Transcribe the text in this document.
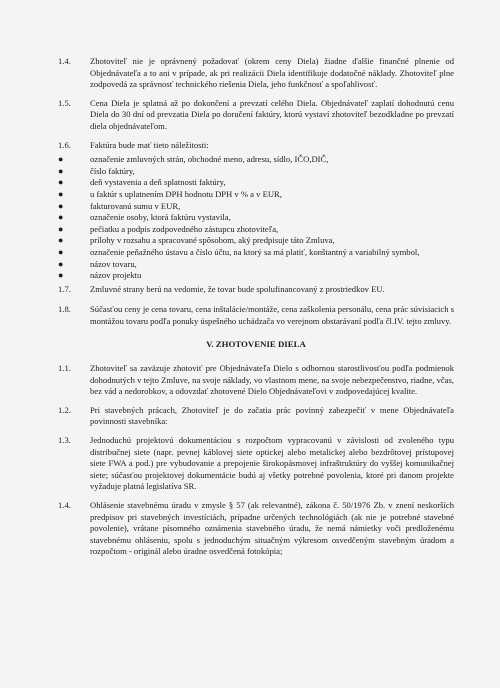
1.4.	Zhotoviteľ nie je oprávnený požadovať (okrem ceny Diela) žiadne ďalšie finančné plnenie od Objednávateľa a to ani v prípade, ak pri realizácii Diela identifikuje dodatočné náklady. Zhotoviteľ plne zodpovedá za správnosť technického riešenia Diela, jeho funkčnosť a spoľahlivosť.
1.5.	Cena Diela je splatná až po dokončení a prevzatí celého Diela. Objednávateľ zaplatí dohodnutú cenu Diela do 30 dní od prevzatia Diela po doručení faktúry, ktorú vystaví zhotoviteľ bezodkladne po prevzatí diela objednávateľom.
1.6.	Faktúra bude mať tieto náležitosti:
●	označenie zmluvných strán, obchodné meno, adresu, sídlo, IČO,DIČ,
●	číslo faktúry,
●	deň vystavenia a deň splatnosti faktúry,
●	u faktúr s uplatnením DPH hodnotu DPH v % a v EUR,
●	fakturovanú sumu v EUR,
●	označenie osoby, ktorá faktúru vystavila,
●	pečiatku a podpis zodpovedného zástupcu zhotoviteľa,
●	prílohy v rozsahu a spracované spôsobom, aký predpisuje táto Zmluva,
●	označenie peňažného ústavu a číslo účtu, na ktorý sa má platiť, konštantný a variabilný symbol,
●	názov tovaru,
●	názov projektu
1.7.	Zmluvné strany berú na vedomie, že tovar bude spolufinancovaný z prostriedkov EU.
1.8.	Súčasťou ceny je cena tovaru, cena inštalácie/montáže, cena zaškolenia personálu, cena prác súvisiacich s montážou tovaru podľa ponuky úspešného uchádzača vo verejnom obstarávaní podľa čl.IV. tejto zmluvy.
V. ZHOTOVENIE DIELA
1.1.	Zhotoviteľ sa zaväzuje zhotoviť pre Objednávateľa Dielo s odbornou starostlivosťou podľa podmienok dohodnutých v tejto Zmluve, na svoje náklady, vo vlastnom mene, na svoje nebezpečenstvo, riadne, včas, bez vád a nedorobkov, a odovzdať zhotovené Dielo Objednávateľovi v zodpovedajúcej kvalite.
1.2.	Pri stavebných prácach, Zhotoviteľ je do začatia prác povinný zabezpečiť v mene Objednávateľa povinnosti stavebníka:
1.3.	Jednoduchú projektovú dokumentáciou s rozpočtom vypracovanú v závislosti od zvoleného typu distribučnej siete (napr. pevnej káblovej siete optickej alebo metalickej alebo bezdrôtovej prístupovej siete FWA a pod.) pre vybudovanie a prepojenie širokopásmovej infraštruktúry do vyššej komunikačnej siete; súčasťou projektovej dokumentácie budú aj všetky potrebné povolenia, ktoré pri danom projekte vyžaduje platná legislatíva SR.
1.4.	Ohlásenie stavebnému úradu v zmysle § 57 (ak relevantné), zákona č. 50/1976 Zb. v znení neskorších predpisov pri stavebných investíciách, prípadne určených technológiách (ak nie je potrebné stavebné povolenie), vrátane písomného oznámenia stavebného úradu, že nemá námietky voči predloženému stavebnému ohláseniu, spolu s jednoduchým situačným výkresom osvedčeným stavebným úradom a rozpočtom - originál alebo úradne osvedčená fotokópia;
